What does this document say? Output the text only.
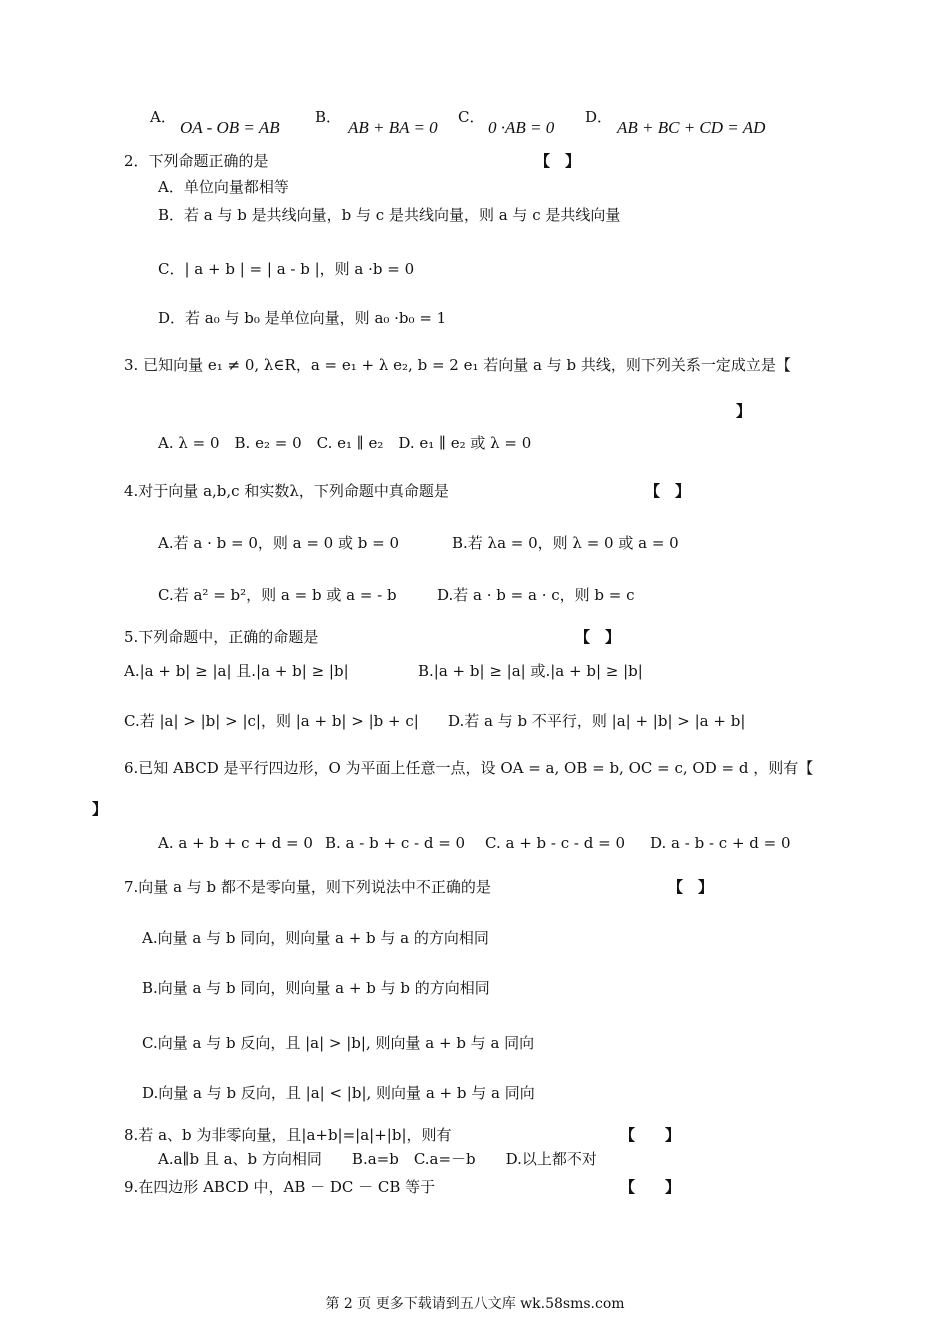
A．
OA - OB = AB
B．
AB + BA = 0
C．
0 ·AB = 0
D．
AB + BC + CD = AD
2．下列命题正确的是	【　】
A．单位向量都相等
B．若 a 与 b 是共线向量，b 与 c 是共线向量，则 a 与 c 是共线向量
C．| a + b | = | a - b |，则 a ·b = 0
D．若 a₀ 与 b₀ 是单位向量，则 a₀ ·b₀ = 1
3. 已知向量 e₁ ≠ 0, λ∈R，a = e₁ + λ e₂, b = 2 e₁ 若向量 a 与 b 共线，则下列关系一定成立是【
】
A. λ = 0　B. e₂ = 0　C. e₁ ∥ e₂　D. e₁ ∥ e₂ 或 λ = 0
4.对于向量 a,b,c 和实数λ，下列命题中真命题是	【　】
A.若 a · b = 0，则 a = 0 或 b = 0	B.若 λa = 0，则 λ = 0 或 a = 0
C.若 a² = b²，则 a = b 或 a = - b	D.若 a · b = a · c，则 b = c
5.下列命题中，正确的命题是	【　】
A.|a + b| ≥ |a| 且.|a + b| ≥ |b|	B.|a + b| ≥ |a| 或.|a + b| ≥ |b|
C.若 |a| > |b| > |c|，则 |a + b| > |b + c| D.若 a 与 b 不平行，则 |a| + |b| > |a + b|
6.已知 ABCD 是平行四边形，O 为平面上任意一点，设 OA = a, OB = b, OC = c, OD = d ，则有【
】
A. a + b + c + d = 0 B. a - b + c - d = 0 C. a + b - c - d = 0 D. a - b - c + d = 0
7.向量 a 与 b 都不是零向量，则下列说法中不正确的是	【　】
A.向量 a 与 b 同向，则向量 a + b 与 a 的方向相同
B.向量 a 与 b 同向，则向量 a + b 与 b 的方向相同
C.向量 a 与 b 反向，且 |a| > |b|, 则向量 a + b 与 a 同向
D.向量 a 与 b 反向，且 |a| < |b|, 则向量 a + b 与 a 同向
8.若 a、b 为非零向量，且|a+b|=|a|+|b|，则有	【　　】
A.a∥b 且 a、b 方向相同　　B.a=b　C.a=－b　　D.以上都不对
9.在四边形 ABCD 中，AB － DC － CB 等于	【　　】
第 2 页 更多下载请到五八文库 wk.58sms.com
